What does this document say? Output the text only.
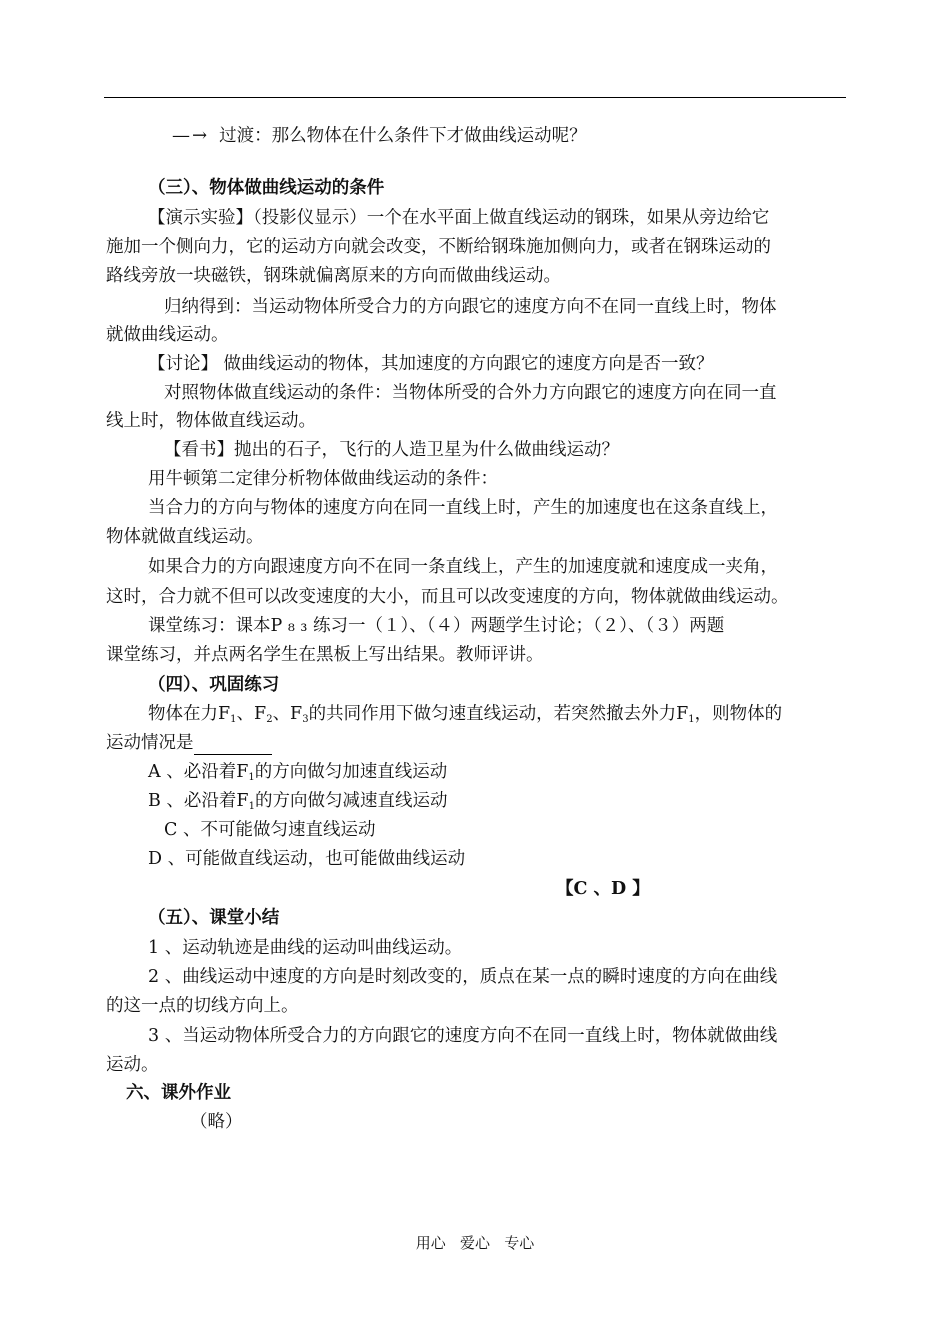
—→ 过渡：那么物体在什么条件下才做曲线运动呢？
（三）、物体做曲线运动的条件
【演示实验】（投影仪显示）一个在水平面上做直线运动的钢珠，如果从旁边给它
施加一个侧向力，它的运动方向就会改变，不断给钢珠施加侧向力，或者在钢珠运动的
路线旁放一块磁铁，钢珠就偏离原来的方向而做曲线运动。
归纳得到：当运动物体所受合力的方向跟它的速度方向不在同一直线上时，物体
就做曲线运动。
【讨论】 做曲线运动的物体，其加速度的方向跟它的速度方向是否一致？
对照物体做直线运动的条件：当物体所受的合外力方向跟它的速度方向在同一直
线上时，物体做直线运动。
【看书】抛出的石子，飞行的人造卫星为什么做曲线运动？
用牛顿第二定律分析物体做曲线运动的条件：
当合力的方向与物体的速度方向在同一直线上时，产生的加速度也在这条直线上，
物体就做直线运动。
如果合力的方向跟速度方向不在同一条直线上，产生的加速度就和速度成一夹角，
这时，合力就不但可以改变速度的大小，而且可以改变速度的方向，物体就做曲线运动。
课堂练习：课本P ₈ ₃ 练习一（１）、（４）两题学生讨论；（２）、（３）两题
课堂练习，并点两名学生在黑板上写出结果。教师评讲。
（四）、巩固练习
物体在力$F_1$、$F_2$、$F_3$的共同作用下做匀速直线运动，若突然撤去外力$F_1$，则物体的
运动情况是
A 、必沿着$F_1$的方向做匀加速直线运动
B 、必沿着$F_1$的方向做匀减速直线运动
C 、不可能做匀速直线运动
D 、可能做直线运动，也可能做曲线运动
【C 、D 】
（五）、课堂小结
1 、运动轨迹是曲线的运动叫曲线运动。
2 、曲线运动中速度的方向是时刻改变的，质点在某一点的瞬时速度的方向在曲线
的这一点的切线方向上。
3 、当运动物体所受合力的方向跟它的速度方向不在同一直线上时，物体就做曲线
运动。
六、课外作业
（略）
用心   爱心   专心
